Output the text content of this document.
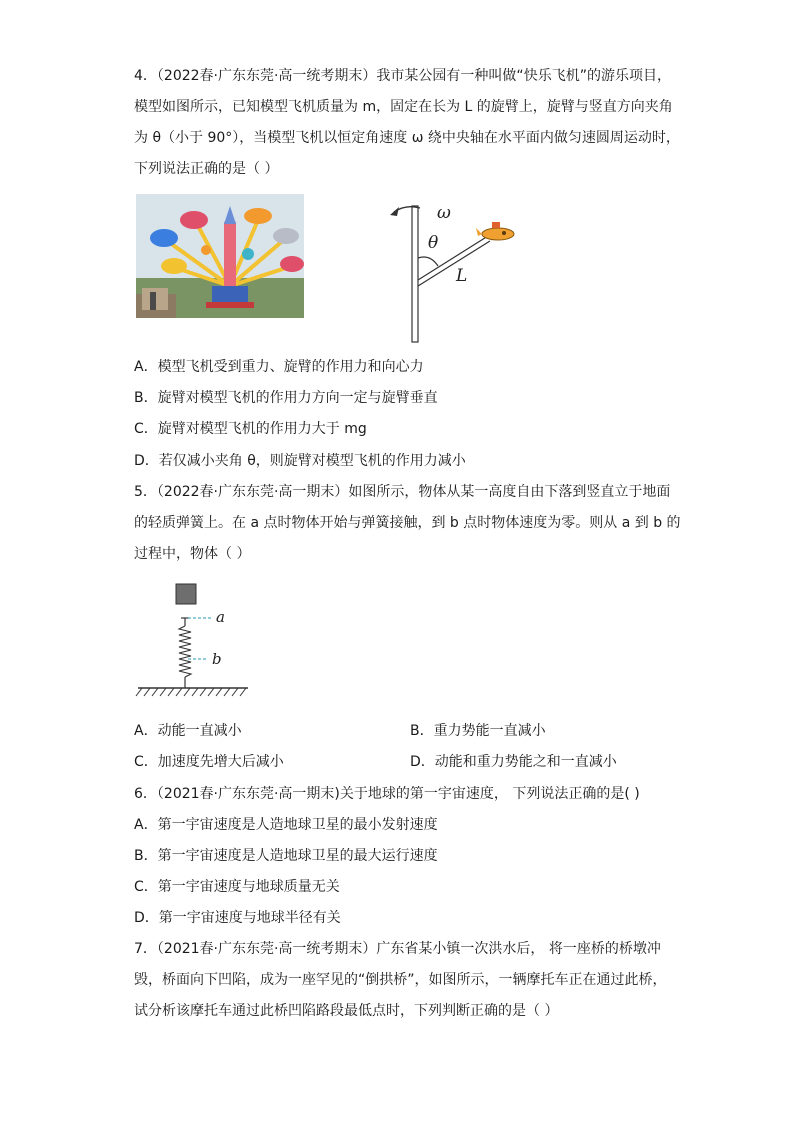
4．（2022春·广东东莞·高一统考期末）我市某公园有一种叫做“快乐飞机”的游乐项目，
模型如图所示，已知模型飞机质量为 m，固定在长为 L 的旋臂上，旋臂与竖直方向夹角
为 θ（小于 90°），当模型飞机以恒定角速度 ω 绕中央轴在水平面内做匀速圆周运动时，
下列说法正确的是（ ）
ω
θ
L
A．模型飞机受到重力、旋臂的作用力和向心力
B．旋臂对模型飞机的作用力方向一定与旋臂垂直
C．旋臂对模型飞机的作用力大于 mg
D．若仅减小夹角 θ，则旋臂对模型飞机的作用力减小
5．（2022春·广东东莞·高一期末）如图所示，物体从某一高度自由下落到竖直立于地面
的轻质弹簧上。在 a 点时物体开始与弹簧接触，到 b 点时物体速度为零。则从 a 到 b 的
过程中，物体（ ）
a
b
A．动能一直减小	B．重力势能一直减小
C．加速度先增大后减小	D．动能和重力势能之和一直减小
6．（2021春·广东东莞·高一期末)关于地球的第一宇宙速度， 下列说法正确的是( )
A．第一宇宙速度是人造地球卫星的最小发射速度
B．第一宇宙速度是人造地球卫星的最大运行速度
C．第一宇宙速度与地球质量无关
D．第一宇宙速度与地球半径有关
7．（2021春·广东东莞·高一统考期末）广东省某小镇一次洪水后， 将一座桥的桥墩冲
毁，桥面向下凹陷，成为一座罕见的“倒拱桥”，如图所示，一辆摩托车正在通过此桥，
试分析该摩托车通过此桥凹陷路段最低点时，下列判断正确的是（ ）
